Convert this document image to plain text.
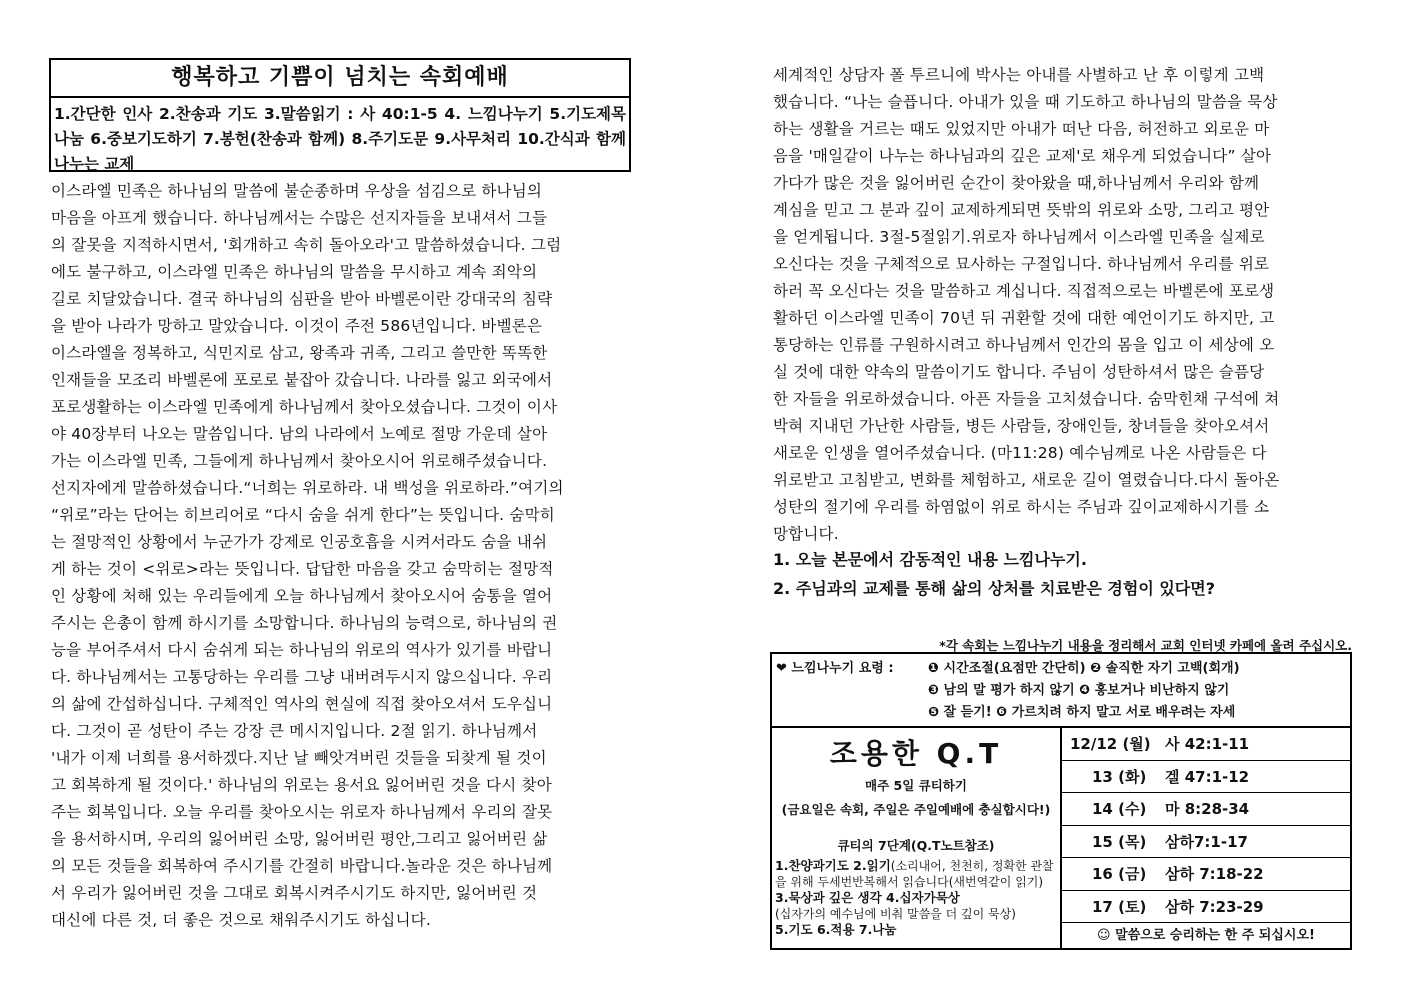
행복하고 기쁨이 넘치는 속회예배
1.간단한 인사 2.찬송과 기도 3.말씀읽기 : 사 40:1-5 4. 느낌나누기 5.기도제목 나눔 6.중보기도하기 7.봉헌(찬송과 함께) 8.주기도문 9.사무처리 10.간식과 함께 나누는 교제
이스라엘 민족은 하나님의 말씀에 불순종하며 우상을 섬김으로 하나님의
마음을 아프게 했습니다. 하나님께서는 수많은 선지자들을 보내셔서 그들
의 잘못을 지적하시면서, '회개하고 속히 돌아오라'고 말씀하셨습니다. 그럼
에도 불구하고, 이스라엘 민족은 하나님의 말씀을 무시하고 계속 죄악의
길로 치달았습니다. 결국 하나님의 심판을 받아 바벨론이란 강대국의 침략
을 받아 나라가 망하고 말았습니다. 이것이 주전 586년입니다. 바벨론은
이스라엘을 정복하고, 식민지로 삼고, 왕족과 귀족, 그리고 쓸만한 똑똑한
인재들을 모조리 바벨론에 포로로 붙잡아 갔습니다. 나라를 잃고 외국에서
포로생활하는 이스라엘 민족에게 하나님께서 찾아오셨습니다. 그것이 이사
야 40장부터 나오는 말씀입니다. 남의 나라에서 노예로 절망 가운데 살아
가는 이스라엘 민족, 그들에게 하나님께서 찾아오시어 위로해주셨습니다.
선지자에게 말씀하셨습니다.“너희는 위로하라. 내 백성을 위로하라.”여기의
“위로”라는 단어는 히브리어로 “다시 숨을 쉬게 한다”는 뜻입니다. 숨막히
는 절망적인 상황에서 누군가가 강제로 인공호흡을 시켜서라도 숨을 내쉬
게 하는 것이 <위로>라는 뜻입니다. 답답한 마음을 갖고 숨막히는 절망적
인 상황에 처해 있는 우리들에게 오늘 하나님께서 찾아오시어 숨통을 열어
주시는 은총이 함께 하시기를 소망합니다. 하나님의 능력으로, 하나님의 권
능을 부어주셔서 다시 숨쉬게 되는 하나님의 위로의 역사가 있기를 바랍니
다. 하나님께서는 고통당하는 우리를 그냥 내버려두시지 않으십니다. 우리
의 삶에 간섭하십니다. 구체적인 역사의 현실에 직접 찾아오셔서 도우십니
다. 그것이 곧 성탄이 주는 강장 큰 메시지입니다. 2절 읽기. 하나님께서
'내가 이제 너희를 용서하겠다.지난 날 빼앗겨버린 것들을 되찾게 될 것이
고 회복하게 될 것이다.' 하나님의 위로는 용서요 잃어버린 것을 다시 찾아
주는 회복입니다. 오늘 우리를 찾아오시는 위로자 하나님께서 우리의 잘못
을 용서하시며, 우리의 잃어버린 소망, 잃어버린 평안,그리고 잃어버린 삶
의 모든 것들을 회복하여 주시기를 간절히 바랍니다.놀라운 것은 하나님께
서 우리가 잃어버린 것을 그대로 회복시켜주시기도 하지만, 잃어버린 것
대신에 다른 것, 더 좋은 것으로 채워주시기도 하십니다.
세계적인 상담자 폴 투르니에 박사는 아내를 사별하고 난 후 이렇게 고백
했습니다. “나는 슬픕니다. 아내가 있을 때 기도하고 하나님의 말씀을 묵상
하는 생활을 거르는 때도 있었지만 아내가 떠난 다음, 허전하고 외로운 마
음을 '매일같이 나누는 하나님과의 깊은 교제'로 채우게 되었습니다” 살아
가다가 많은 것을 잃어버린 순간이 찾아왔을 때,하나님께서 우리와 함께
계심을 믿고 그 분과 깊이 교제하게되면 뜻밖의 위로와 소망, 그리고 평안
을 얻게됩니다. 3절-5절읽기.위로자 하나님께서 이스라엘 민족을 실제로
오신다는 것을 구체적으로 묘사하는 구절입니다. 하나님께서 우리를 위로
하러 꼭 오신다는 것을 말씀하고 계십니다. 직접적으로는 바벨론에 포로생
활하던 이스라엘 민족이 70년 뒤 귀환할 것에 대한 예언이기도 하지만, 고
통당하는 인류를 구원하시려고 하나님께서 인간의 몸을 입고 이 세상에 오
실 것에 대한 약속의 말씀이기도 합니다. 주님이 성탄하셔서 많은 슬픔당
한 자들을 위로하셨습니다. 아픈 자들을 고치셨습니다. 숨막힌채 구석에 쳐
박혀 지내던 가난한 사람들, 병든 사람들, 장애인들, 창녀들을 찾아오셔서
새로운 인생을 열어주셨습니다. (마11:28) 예수님께로 나온 사람들은 다
위로받고 고침받고, 변화를 체험하고, 새로운 길이 열렸습니다.다시 돌아온
성탄의 절기에 우리를 하염없이 위로 하시는 주님과 깊이교제하시기를 소
망합니다.
1. 오늘 본문에서 감동적인 내용 느낌나누기.
2. 주님과의 교제를 통해 삶의 상처를 치료받은 경험이 있다면?
*각 속회는 느낌나누기 내용을 정리해서 교회 인터넷 카페에 올려 주십시오.
❤ 느낌나누기 요령 :	❶ 시간조절(요점만 간단히) ❷ 솔직한 자기 고백(회개)
❸ 남의 말 평가 하지 않기 ❹ 홍보거나 비난하지 않기
❺ 잘 듣기! ❻ 가르치려 하지 말고 서로 배우려는 자세
조용한 Q.T
매주 5일 큐티하기
(금요일은 속회, 주일은 주일예배에 충실합시다!)
큐티의 7단계(Q.T노트참조)
1.찬양과기도 2.읽기(소리내어, 천천히, 정확한 관찰을 위해 두세번반복해서 읽습니다(새번역같이 읽기) 3.묵상과 깊은 생각 4.십자가묵상
(십자가의 예수님에 비춰 말씀을 더 깊이 묵상)
5.기도 6.적용 7.나눔
12/12 (월) 사 42:1-11
13 (화) 겔 47:1-12
14 (수) 마 8:28-34
15 (목) 삼하7:1-17
16 (금) 삼하 7:18-22
17 (토) 삼하 7:23-29
☺ 말씀으로 승리하는 한 주 되십시오!
